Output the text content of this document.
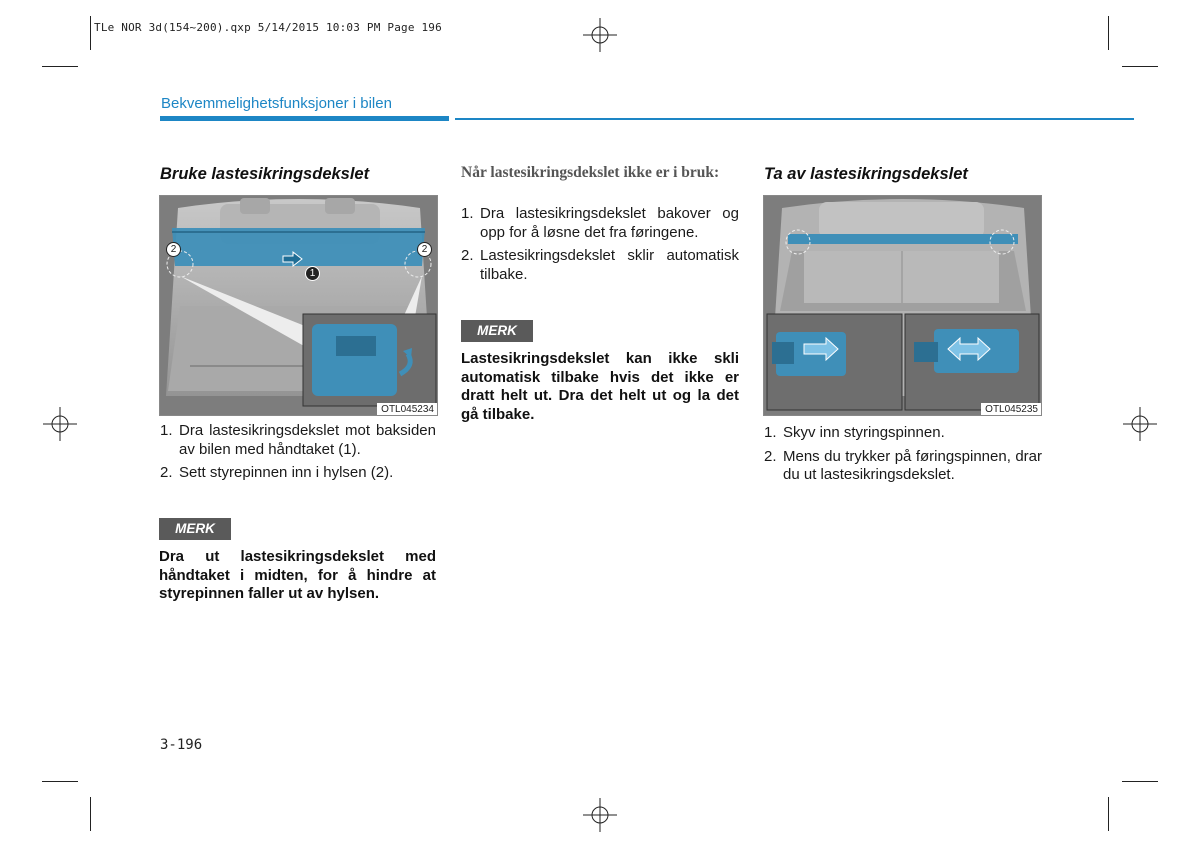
TLe NOR 3d(154~200).qxp 5/14/2015 10:03 PM Page 196
Bekvemmelighetsfunksjoner i bilen
Bruke lastesikringsdekslet
2	2
1
OTL045234
1. Dra lastesikringsdekslet mot baksiden av bilen med håndtaket (1).
2. Sett styrepinnen inn i hylsen (2).
MERK

Dra ut lastesikringsdekslet med håndtaket i midten, for å hindre at styrepinnen faller ut av hylsen.

Når lastesikringsdekslet ikke er i bruk:
1. Dra lastesikringsdekslet bakover og opp for å løsne det fra føringene.
2. Lastesikringsdekslet sklir automatisk tilbake.
MERK

Lastesikringsdekslet kan ikke skli automatisk tilbake hvis det ikke er dratt helt ut. Dra det helt ut og la det gå tilbake.

Ta av lastesikringsdekslet
OTL045235
1. Skyv inn styringspinnen.
2. Mens du trykker på føringspinnen, drar du ut lastesikringsdekslet.
3-196
